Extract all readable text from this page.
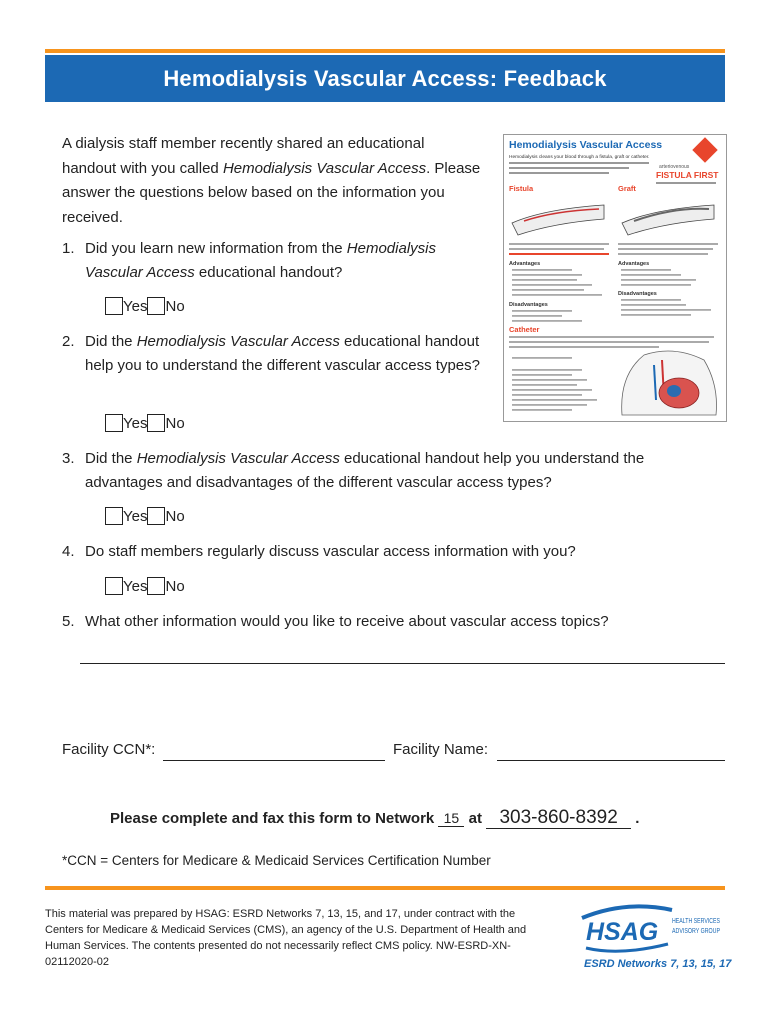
Hemodialysis Vascular Access: Feedback
A dialysis staff member recently shared an educational handout with you called Hemodialysis Vascular Access. Please answer the questions below based on the information you received.
Hemodialysis Vascular Access
Hemodialysis cleans your blood through a fistula, graft or catheter.
arteriovenous
FISTULA FIRST
Fistula	Graft
Advantages	Advantages
Disadvantages
Disadvantages
Catheter
1. Did you learn new information from the Hemodialysis Vascular Access educational handout?
Yes No
2. Did the Hemodialysis Vascular Access educational handout help you to understand the different vascular access types?
Yes No
3. Did the Hemodialysis Vascular Access educational handout help you understand the advantages and disadvantages of the different vascular access types?
Yes No
4. Do staff members regularly discuss vascular access information with you?
Yes No
5. What other information would you like to receive about vascular access topics?
Facility CCN*:	Facility Name:
Please complete and fax this form to Network 15 at 303-860-8392 .
*CCN = Centers for Medicare & Medicaid Services Certification Number
This material was prepared by HSAG: ESRD Networks 7, 13, 15, and 17, under contract with the Centers for Medicare & Medicaid Services (CMS), an agency of the U.S. Department of Health and Human Services. The contents presented do not necessarily reflect CMS policy. NW-ESRD-XN-02112020-02
HSAG HEALTH SERVICES
ADVISORY GROUP
ESRD Networks 7, 13, 15, 17
